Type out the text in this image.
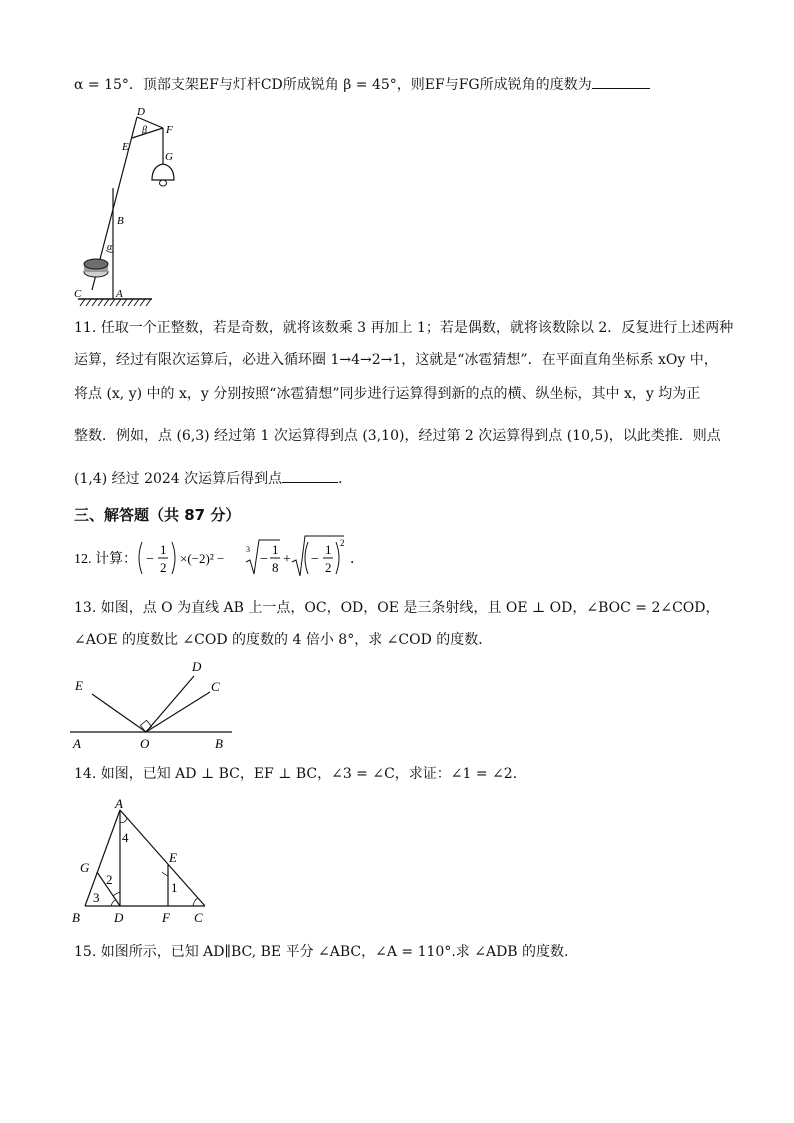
α = 15°．顶部支架EF与灯杆CD所成锐角 β = 45°，则EF与FG所成锐角的度数为
D
β F
E
G
B
α
C	A
11. 任取一个正整数，若是奇数，就将该数乘 3 再加上 1；若是偶数，就将该数除以 2．反复进行上述两种
运算，经过有限次运算后，必进入循环圈 1→4→2→1，这就是“冰雹猜想”．在平面直角坐标系 xOy 中，
将点 (x, y) 中的 x，y 分别按照“冰雹猜想”同步进行运算得到新的点的横、纵坐标，其中 x，y 均为正
整数．例如，点 (6,3) 经过第 1 次运算得到点 (3,10)，经过第 2 次运算得到点 (10,5)，以此类推．则点
(1,4) 经过 2024 次运算后得到点	．
三、解答题（共 87 分）
12. 计算： −
1
2
×(−2)² −
3
−
1
8
+ −
1
2
2
．
13. 如图，点 O 为直线 AB 上一点，OC，OD，OE 是三条射线，且 OE ⊥ OD，∠BOC = 2∠COD，
∠AOE 的度数比 ∠COD 的度数的 4 倍小 8°，求 ∠COD 的度数．
D
E	C
A	O	B
14. 如图，已知 AD ⊥ BC，EF ⊥ BC，∠3 = ∠C，求证：∠1 = ∠2．
A
4
E
G
2
1
3
B	D	F C
15. 如图所示，已知 AD∥BC, BE 平分 ∠ABC，∠A = 110°.求 ∠ADB 的度数.
